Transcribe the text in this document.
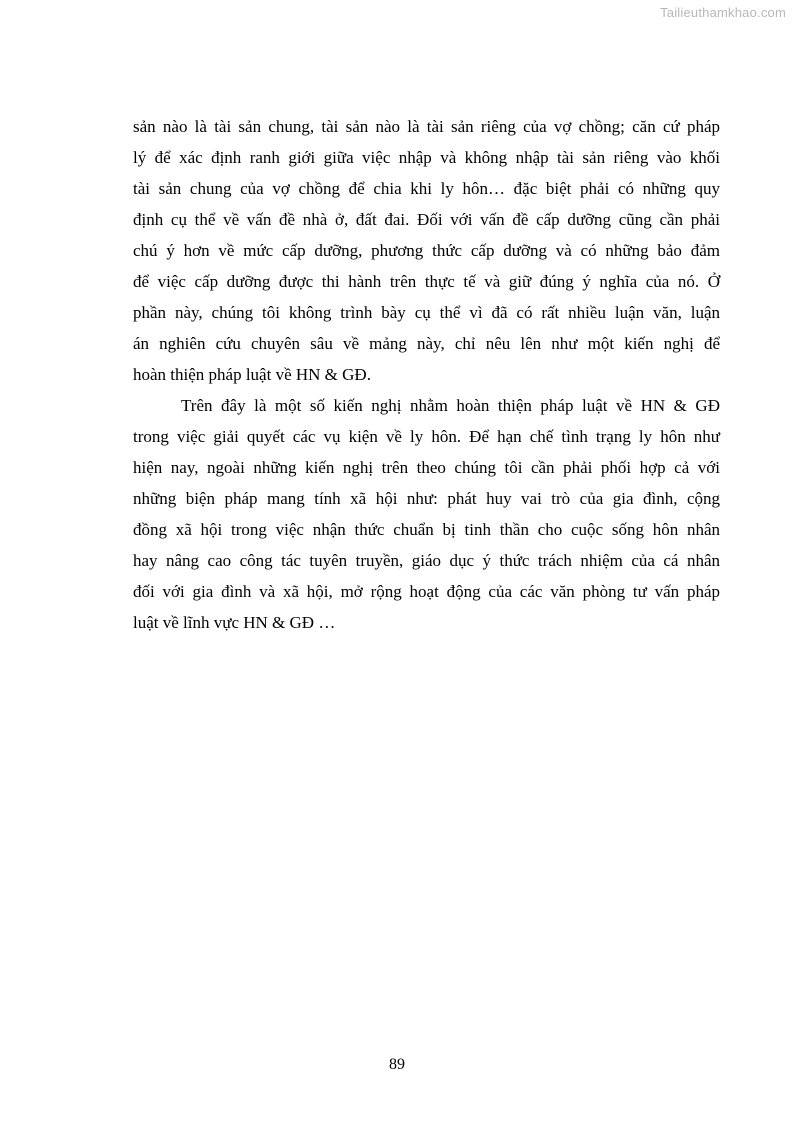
Tailieuthamkhao.com
sản nào là tài sản chung, tài sản nào là tài sản riêng của vợ chồng; căn cứ pháp
lý để xác định ranh giới giữa việc nhập và không nhập tài sản riêng vào khối
tài sản chung của vợ chồng để chia khi ly hôn… đặc biệt phải có những quy
định cụ thể về vấn đề nhà ở, đất đai. Đối với vấn đề cấp dưỡng cũng cần phải
chú ý hơn về mức cấp dưỡng, phương thức cấp dưỡng và có những bảo đảm
để việc cấp dưỡng được thi hành trên thực tế và giữ đúng ý nghĩa của nó. Ở
phần này, chúng tôi không trình bày cụ thể vì đã có rất nhiều luận văn, luận
án nghiên cứu chuyên sâu về mảng này, chỉ nêu lên như một kiến nghị để
hoàn thiện pháp luật về HN & GĐ.
Trên đây là một số kiến nghị nhằm hoàn thiện pháp luật về HN & GĐ
trong việc giải quyết các vụ kiện về ly hôn. Để hạn chế tình trạng ly hôn như
hiện nay, ngoài những kiến nghị trên theo chúng tôi cần phải phối hợp cả với
những biện pháp mang tính xã hội như: phát huy vai trò của gia đình, cộng
đồng xã hội trong việc nhận thức chuẩn bị tinh thần cho cuộc sống hôn nhân
hay nâng cao công tác tuyên truyền, giáo dục ý thức trách nhiệm của cá nhân
đối với gia đình và xã hội, mở rộng hoạt động của các văn phòng tư vấn pháp
luật về lĩnh vực HN & GĐ …
89
